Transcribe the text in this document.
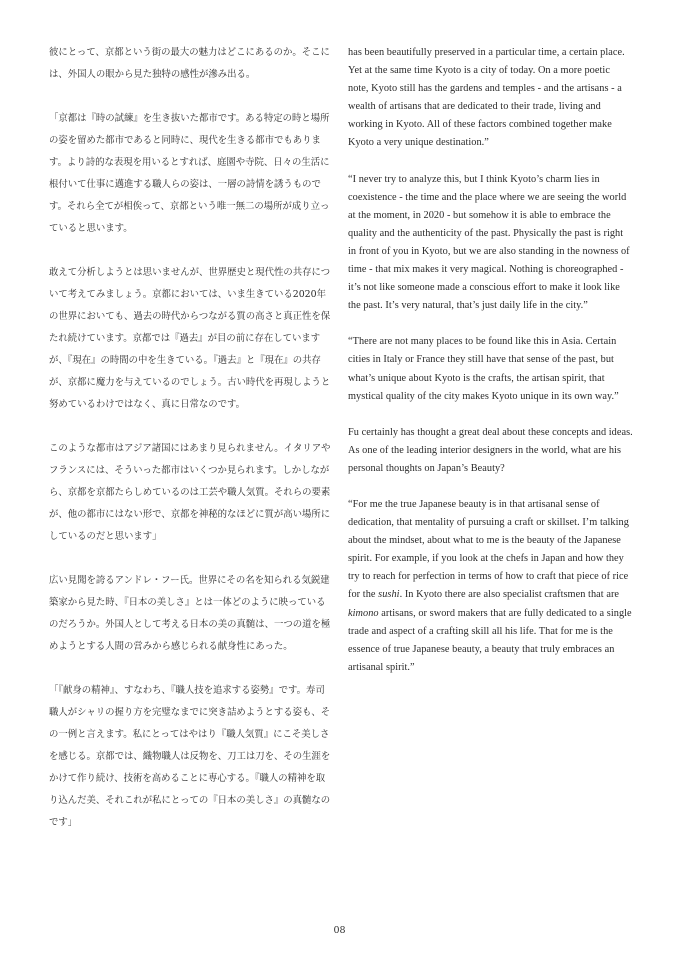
彼にとって、京都という街の最大の魅力はどこにあるのか。そこには、外国人の眼から見た独特の感性が滲み出る。

「京都は『時の試練』を生き抜いた都市です。ある特定の時と場所の姿を留めた都市であると同時に、現代を生きる都市でもあります。より詩的な表現を用いるとすれば、庭園や寺院、日々の生活に根付いて仕事に邁進する職人らの姿は、一層の詩情を誘うものです。それら全てが相俟って、京都という唯一無二の場所が成り立っていると思います。

敢えて分析しようとは思いませんが、世界歴史と現代性の共存について考えてみましょう。京都においては、いま生きている2020年の世界においても、過去の時代からつながる質の高さと真正性を保たれ続けています。京都では『過去』が目の前に存在していますが、『現在』の時間の中を生きている。『過去』と『現在』の共存が、京都に魔力を与えているのでしょう。古い時代を再現しようと努めているわけではなく、真に日常なのです。

このような都市はアジア諸国にはあまり見られません。イタリアやフランスには、そういった都市はいくつか見られます。しかしながら、京都を京都たらしめているのは工芸や職人気質。それらの要素が、他の都市にはない形で、京都を神秘的なほどに質が高い場所にしているのだと思います」

広い見聞を誇るアンドレ・フー氏。世界にその名を知られる気鋭建築家から見た時、『日本の美しさ』とは一体どのように映っているのだろうか。外国人として考える日本の美の真髄は、一つの道を極めようとする人間の営みから感じられる献身性にあった。

「『献身の精神』、すなわち、『職人技を追求する姿勢』です。寿司職人がシャリの握り方を完璧なまでに突き詰めようとする姿も、その一例と言えます。私にとってはやはり『職人気質』にこそ美しさを感じる。京都では、織物職人は反物を、刀工は刀を、その生涯をかけて作り続け、技術を高めることに専心する。『職人の精神を取り込んだ美、それこれが私にとっての『日本の美しさ』の真髄なのです」

has been beautifully preserved in a particular time, a certain place. Yet at the same time Kyoto is a city of today. On a more poetic note, Kyoto still has the gardens and temples - and the artisans - a wealth of artisans that are dedicated to their trade, living and working in Kyoto. All of these factors combined together make Kyoto a very unique destination.”

“I never try to analyze this, but I think Kyoto’s charm lies in coexistence - the time and the place where we are seeing the world at the moment, in 2020 - but somehow it is able to embrace the quality and the authenticity of the past. Physically the past is right in front of you in Kyoto, but we are also standing in the nowness of time - that mix makes it very magical. Nothing is choreographed - it’s not like someone made a conscious effort to make it look like the past. It’s very natural, that’s just daily life in the city.”

“There are not many places to be found like this in Asia. Certain cities in Italy or France they still have that sense of the past, but what’s unique about Kyoto is the crafts, the artisan spirit, that mystical quality of the city makes Kyoto unique in its own way.”

Fu certainly has thought a great deal about these concepts and ideas. As one of the leading interior designers in the world, what are his personal thoughts on Japan’s Beauty?

“For me the true Japanese beauty is in that artisanal sense of dedication, that mentality of pursuing a craft or skillset. I’m talking about the mindset, about what to me is the beauty of the Japanese spirit. For example, if you look at the chefs in Japan and how they try to reach for perfection in terms of how to craft that piece of rice for the sushi. In Kyoto there are also specialist craftsmen that are kimono artisans, or sword makers that are fully dedicated to a single trade and aspect of a crafting skill all his life. That for me is the essence of true Japanese beauty, a beauty that truly embraces an artisanal spirit.”

08
